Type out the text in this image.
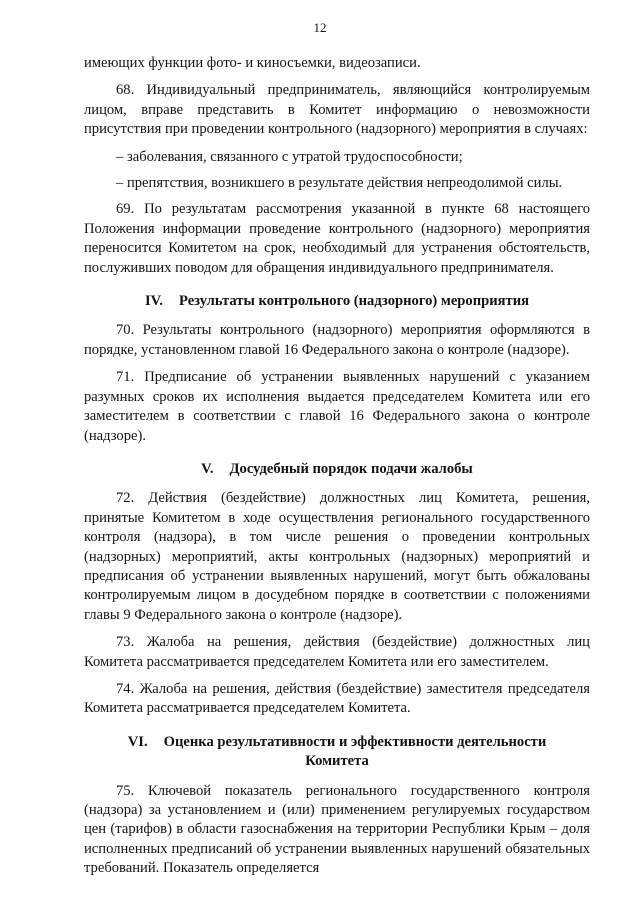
12

имеющих функции фото- и киносъемки, видеозаписи.

68. Индивидуальный предприниматель, являющийся контролируемым лицом, вправе представить в Комитет информацию о невозможности присутствия при проведении контрольного (надзорного) мероприятия в случаях:

– заболевания, связанного с утратой трудоспособности;

– препятствия, возникшего в результате действия непреодолимой силы.

69. По результатам рассмотрения указанной в пункте 68 настоящего Положения информации проведение контрольного (надзорного) мероприятия переносится Комитетом на срок, необходимый для устранения обстоятельств, послуживших поводом для обращения индивидуального предпринимателя.

IV. Результаты контрольного (надзорного) мероприятия

70. Результаты контрольного (надзорного) мероприятия оформляются в порядке, установленном главой 16 Федерального закона о контроле (надзоре).

71. Предписание об устранении выявленных нарушений с указанием разумных сроков их исполнения выдается председателем Комитета или его заместителем в соответствии с главой 16 Федерального закона о контроле (надзоре).

V. Досудебный порядок подачи жалобы

72. Действия (бездействие) должностных лиц Комитета, решения, принятые Комитетом в ходе осуществления регионального государственного контроля (надзора), в том числе решения о проведении контрольных (надзорных) мероприятий, акты контрольных (надзорных) мероприятий и предписания об устранении выявленных нарушений, могут быть обжалованы контролируемым лицом в досудебном порядке в соответствии с положениями главы 9 Федерального закона о контроле (надзоре).

73. Жалоба на решения, действия (бездействие) должностных лиц Комитета рассматривается председателем Комитета или его заместителем.

74. Жалоба на решения, действия (бездействие) заместителя председателя Комитета рассматривается председателем Комитета.

VI. Оценка результативности и эффективности деятельности
Комитета

75. Ключевой показатель регионального государственного контроля (надзора) за установлением и (или) применением регулируемых государством цен (тарифов) в области газоснабжения на территории Республики Крым – доля исполненных предписаний об устранении выявленных нарушений обязательных требований. Показатель определяется
